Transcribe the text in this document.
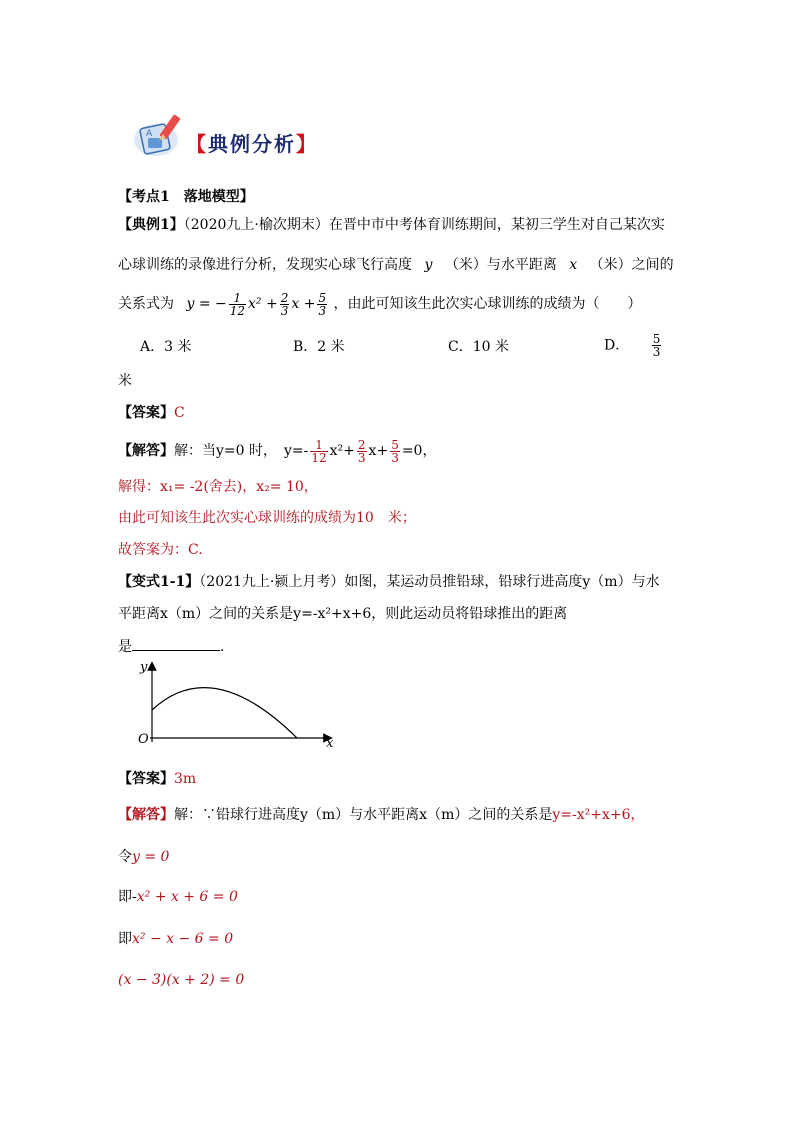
A 【典例分析】
【考点1　落地模型】
【典例1】（2020九上·榆次期末）在晋中市中考体育训练期间，某初三学生对自己某次实
心球训练的录像进行分析，发现实心球飞行高度 y （米）与水平距离 x （米）之间的
关系式为 y = − $\frac{1}{12} x^2 + \frac{2}{3}$ $x + \frac{5}{3}$ ，由此可知该生此次实心球训练的成绩为（　　）
A．3 米	B．2 米	C．10 米	D． $\frac{5}{3}$
米
【答案】C
【解答】解：当y=0 时，　$y=- \frac{1}{12} x^2+ \frac{2}{3} x+ \frac{5}{3} =0$，
解得：x₁= -2(舍去)，x₂= 10，
由此可知该生此次实心球训练的成绩为10　米；
故答案为：C.
【变式1-1】（2021九上·颍上月考）如图，某运动员推铅球，铅球行进高度y（m）与水
平距离x（m）之间的关系是y=-x²+x+6，则此运动员将铅球推出的距离
是	．
y
x
O
【答案】3m
【解答】解：∵铅球行进高度y（m）与水平距离x（m）之间的关系是y=-x²+x+6，
令y = 0
即-x² + x + 6 = 0
即x² − x − 6 = 0
(x − 3)(x + 2) = 0
